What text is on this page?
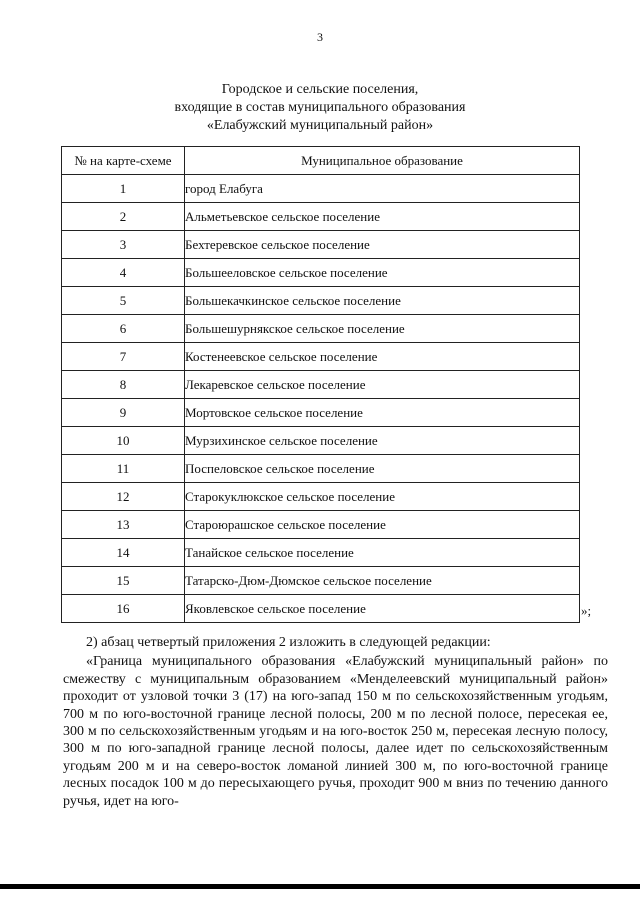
3
Городское и сельские поселения,
входящие в состав муниципального образования
«Елабужский муниципальный район»
№ на карте-схеме	Муниципальное образование
1	город Елабуга
2	Альметьевское сельское поселение
3	Бехтеревское сельское поселение
4	Большееловское сельское поселение
5	Большекачкинское сельское поселение
6	Большешурнякское сельское поселение
7	Костенеевское сельское поселение
8	Лекаревское сельское поселение
9	Мортовское сельское поселение
10	Мурзихинское сельское поселение
11	Поспеловское сельское поселение
12	Старокуклюкское сельское поселение
13	Староюрашское сельское поселение
14	Танайское сельское поселение
15	Татарско-Дюм-Дюмское сельское поселение
16	Яковлевское сельское поселение	»;

2) абзац четвертый приложения 2 изложить в следующей редакции:

«Граница муниципального образования «Елабужский муниципальный район» по смежеству с муниципальным образованием «Менделеевский муниципальный район» проходит от узловой точки 3 (17) на юго-запад 150 м по сельскохозяйственным угодьям, 700 м по юго-восточной границе лесной полосы, 200 м по лесной полосе, пересекая ее, 300 м по сельскохозяйственным угодьям и на юго-восток 250 м, пересекая лесную полосу, 300 м по юго-западной границе лесной полосы, далее идет по сельскохозяйственным угодьям 200 м и на северо-восток ломаной линией 300 м, по юго-восточной границе лесных посадок 100 м до пересыхающего ручья, проходит 900 м вниз по течению данного ручья, идет на юго-
